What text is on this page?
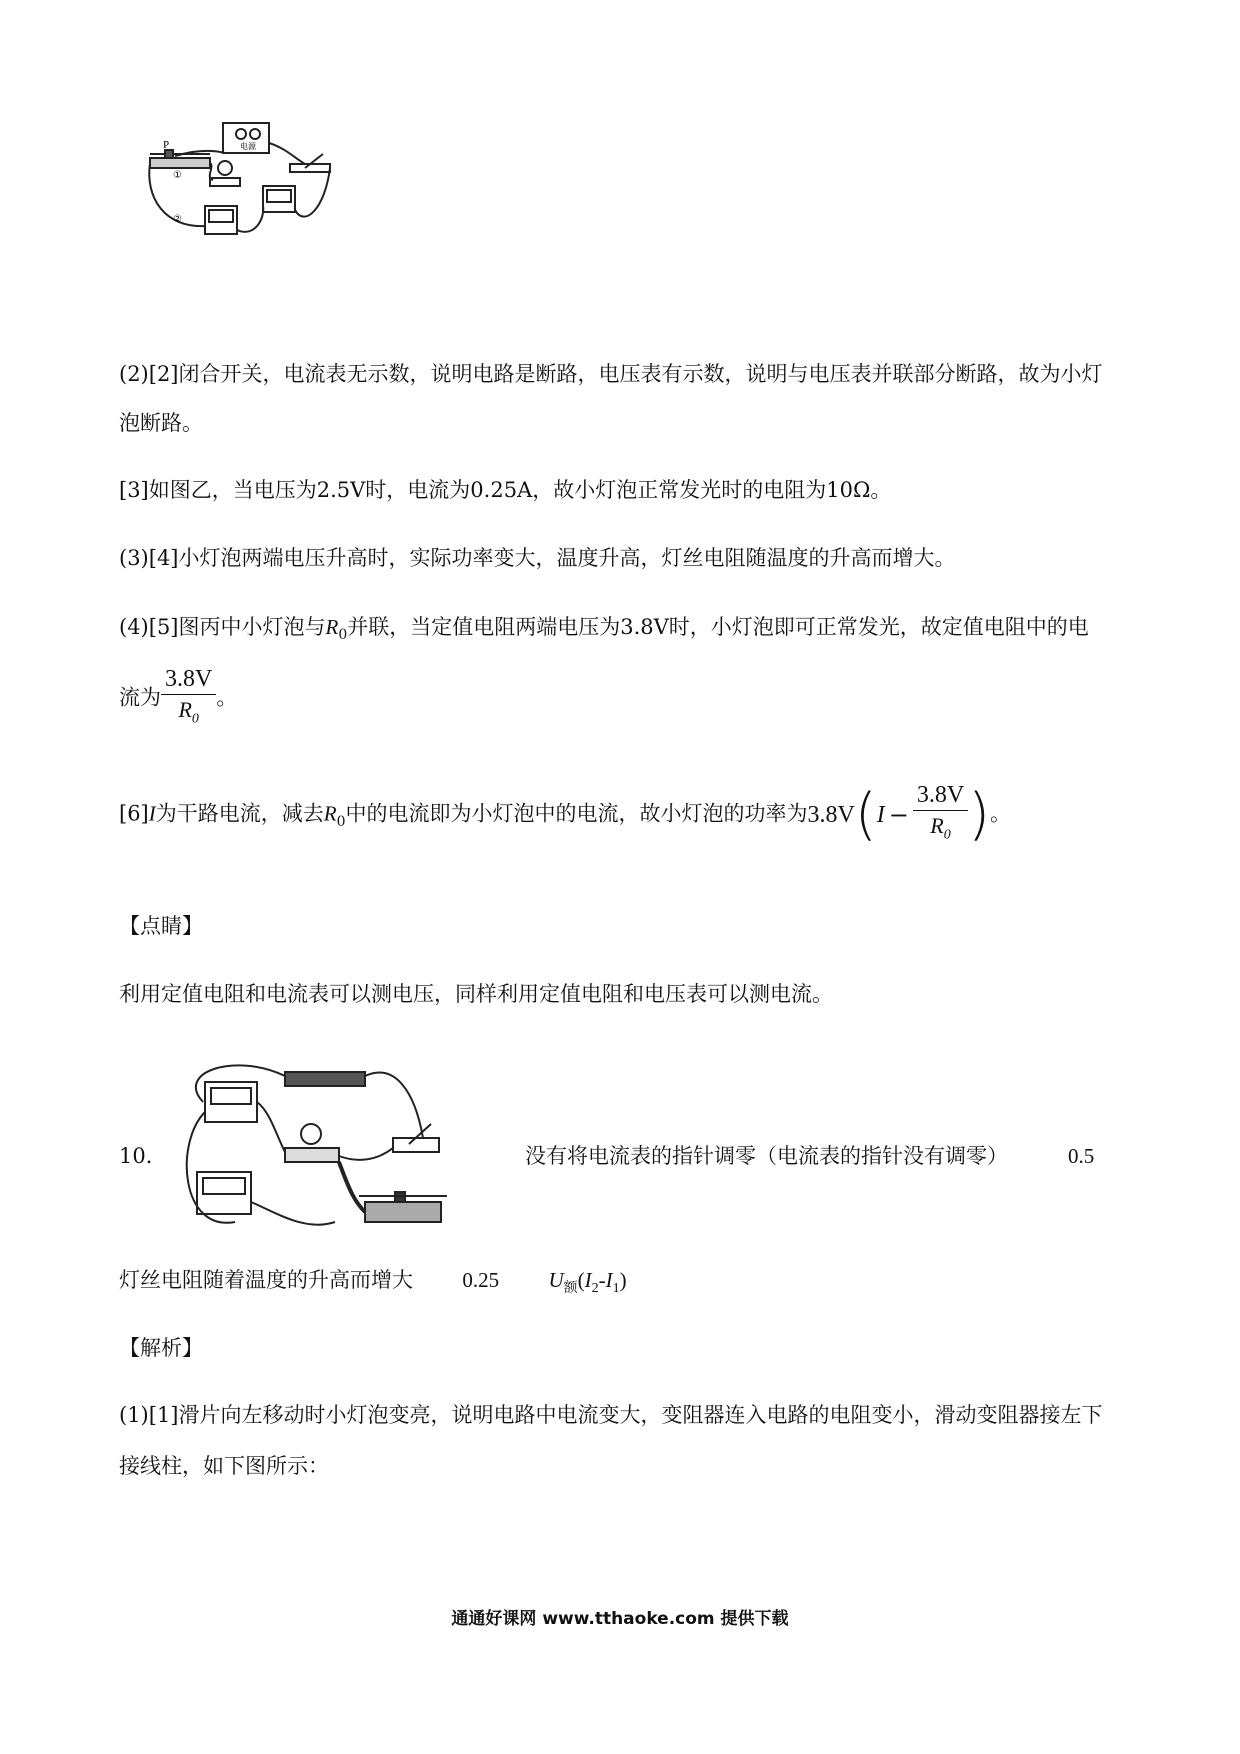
P
①
②
电源
(2)[2]闭合开关，电流表无示数，说明电路是断路，电压表有示数，说明与电压表并联部分断路，故为小灯
泡断路。
[3]如图乙，当电压为2.5V时，电流为0.25A，故小灯泡正常发光时的电阻为10Ω。
(3)[4]小灯泡两端电压升高时，实际功率变大，温度升高，灯丝电阻随温度的升高而增大。
(4)[5]图丙中小灯泡与$R_0$并联，当定值电阻两端电压为3.8V时，小灯泡即可正常发光，故定值电阻中的电
流为 $\frac{3.8V}{R_0}$ 。
[6]I为干路电流，减去$R_0$中的电流即为小灯泡中的电流，故小灯泡的功率为$3.8V(I - \frac{3.8V}{R_0}$ )。
【点睛】
利用定值电阻和电流表可以测电压，同样利用定值电阻和电压表可以测电流。
10．	没有将电流表的指针调零（电流表的指针没有调零）	0.5
灯丝电阻随着温度的升高而增大 0.25 $U_额(I_2-I_1)$
【解析】
(1)[1]滑片向左移动时小灯泡变亮，说明电路中电流变大，变阻器连入电路的电阻变小，滑动变阻器接左下
接线柱，如下图所示：
通通好课网 www.tthaoke.com 提供下载
